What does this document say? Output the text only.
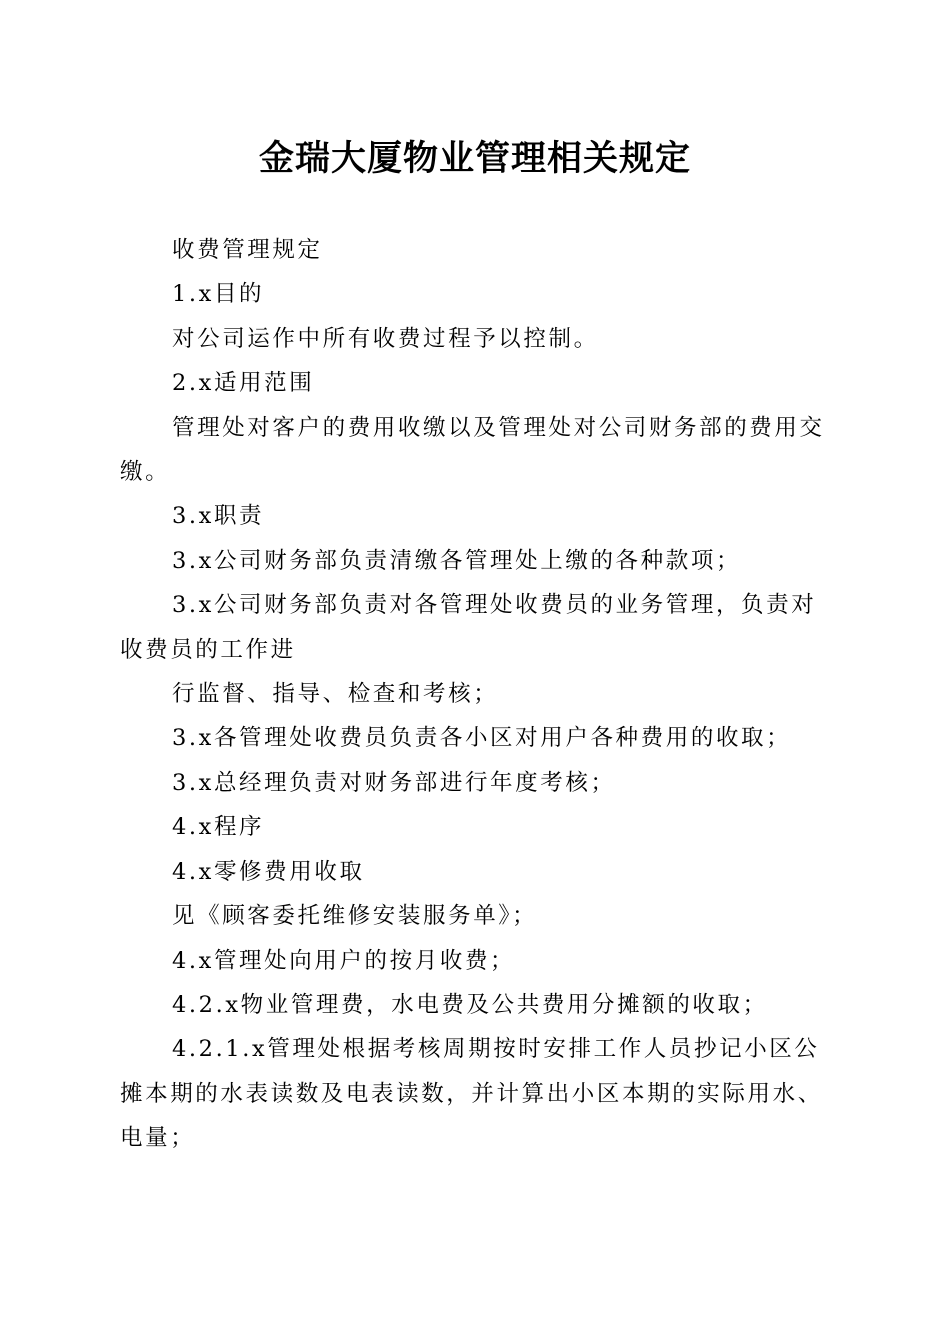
金瑞大厦物业管理相关规定

收费管理规定

1.x目的

对公司运作中所有收费过程予以控制。

2.x适用范围

管理处对客户的费用收缴以及管理处对公司财务部的费用交缴。

3.x职责

3.x公司财务部负责清缴各管理处上缴的各种款项；

3.x公司财务部负责对各管理处收费员的业务管理，负责对收费员的工作进

行监督、指导、检查和考核；

3.x各管理处收费员负责各小区对用户各种费用的收取；

3.x总经理负责对财务部进行年度考核；

4.x程序

4.x零修费用收取

见《顾客委托维修安装服务单》；

4.x管理处向用户的按月收费；

4.2.x物业管理费，水电费及公共费用分摊额的收取；

4.2.1.x管理处根据考核周期按时安排工作人员抄记小区公摊本期的水表读数及电表读数，并计算出小区本期的实际用水、电量；
